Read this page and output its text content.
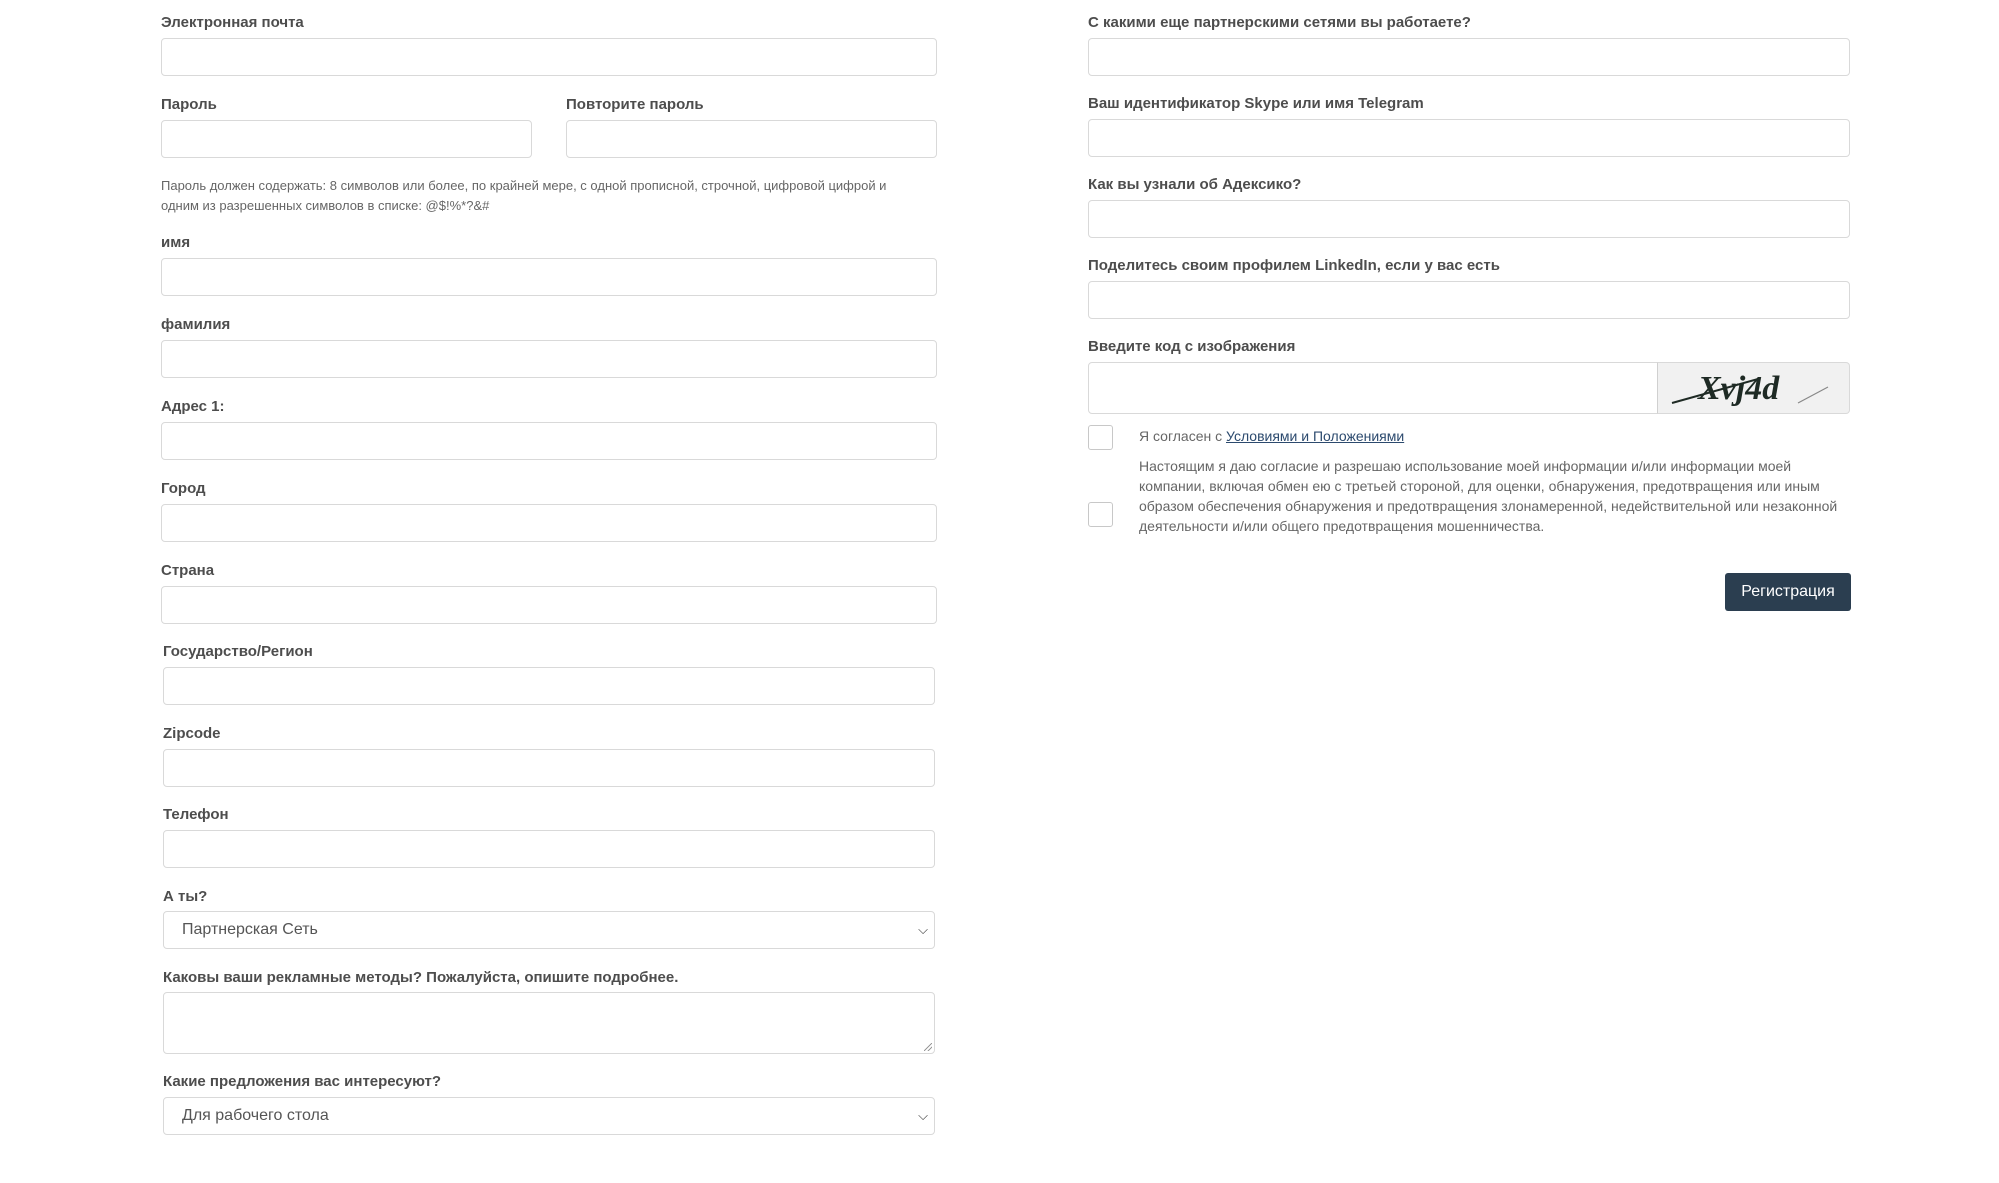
Электронная почта
Пароль	Повторите пароль
Пароль должен содержать: 8 символов или более, по крайней мере, с одной прописной, строчной, цифровой цифрой и одним из разрешенных символов в списке: @$!%*?&#
имя
фамилия
Адрес 1:
Город
Страна
Государство/Регион
Zipcode
Телефон
А ты?
Партнерская Сеть	⌵
Каковы ваши рекламные методы? Пожалуйста, опишите подробнее.
Какие предложения вас интересуют?
Для рабочего стола	⌵
С какими еще партнерскими сетями вы работаете?
Ваш идентификатор Skype или имя Telegram
Как вы узнали об Адексико?
Поделитесь своим профилем LinkedIn, если у вас есть
Введите код с изображения
Xvj4d
Я согласен с Условиями и Положениями
Настоящим я даю согласие и разрешаю использование моей информации и/или информации моей компании, включая обмен ею с третьей стороной, для оценки, обнаружения, предотвращения или иным образом обеспечения обнаружения и предотвращения злонамеренной, недействительной или незаконной деятельности и/или общего предотвращения мошенничества.
Регистрация
